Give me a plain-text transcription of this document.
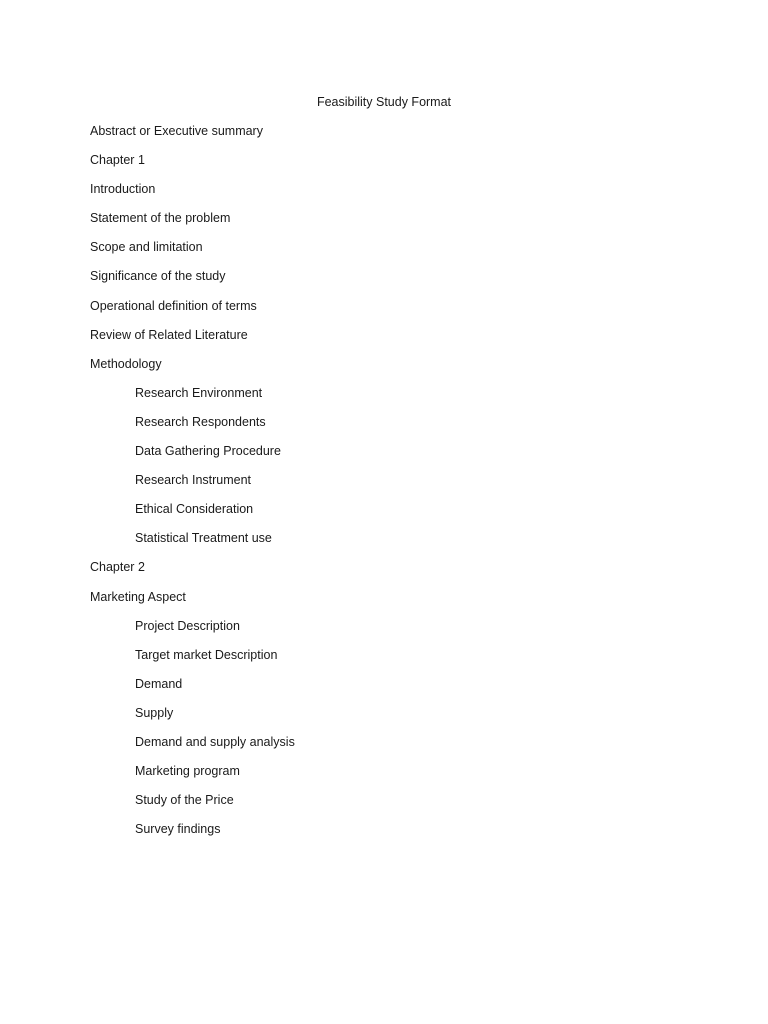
Feasibility Study Format
Abstract or Executive summary
Chapter 1
Introduction
Statement of the problem
Scope and limitation
Significance of the study
Operational definition of terms
Review of Related Literature
Methodology
Research Environment
Research Respondents
Data Gathering Procedure
Research Instrument
Ethical Consideration
Statistical Treatment use
Chapter 2
Marketing Aspect
Project Description
Target market Description
Demand
Supply
Demand and supply analysis
Marketing program
Study of the Price
Survey findings
